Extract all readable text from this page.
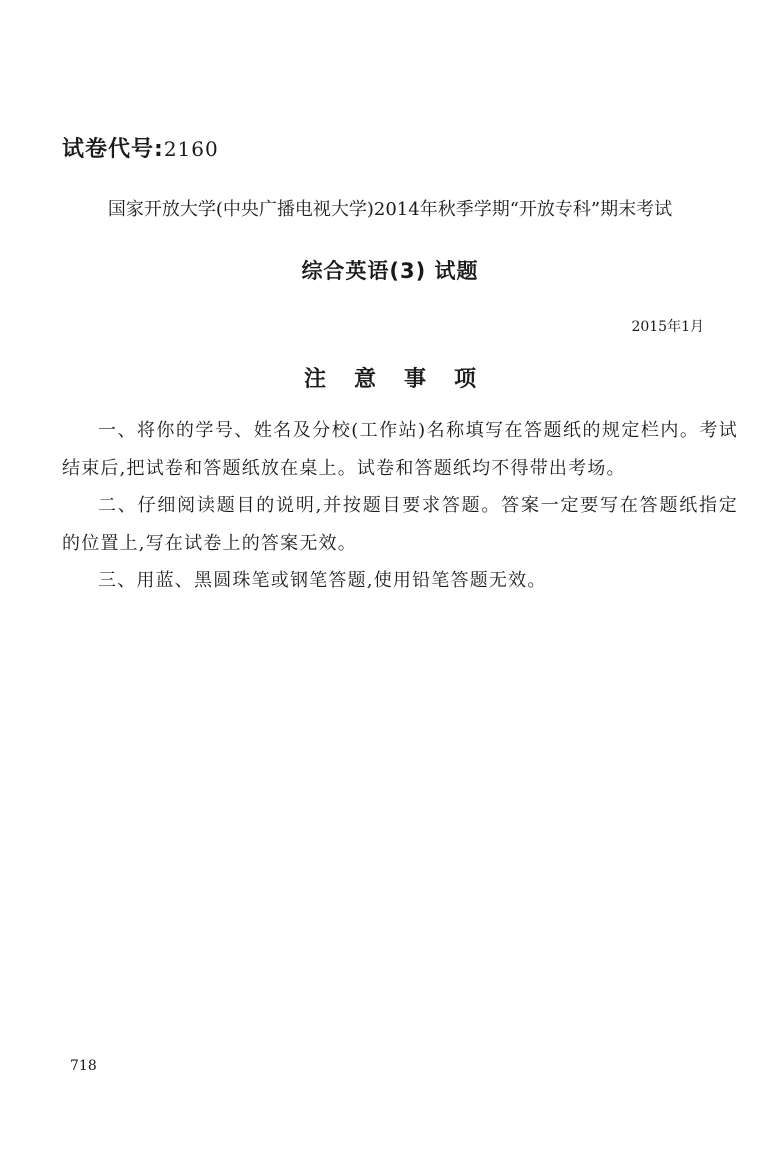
试卷代号:2160
国家开放大学(中央广播电视大学)2014年秋季学期“开放专科”期末考试
综合英语(3) 试题
2015年1月
注意事项

一、将你的学号、姓名及分校(工作站)名称填写在答题纸的规定栏内。考试结束后,把试卷和答题纸放在桌上。试卷和答题纸均不得带出考场。

二、仔细阅读题目的说明,并按题目要求答题。答案一定要写在答题纸指定的位置上,写在试卷上的答案无效。

三、用蓝、黑圆珠笔或钢笔答题,使用铅笔答题无效。

718
